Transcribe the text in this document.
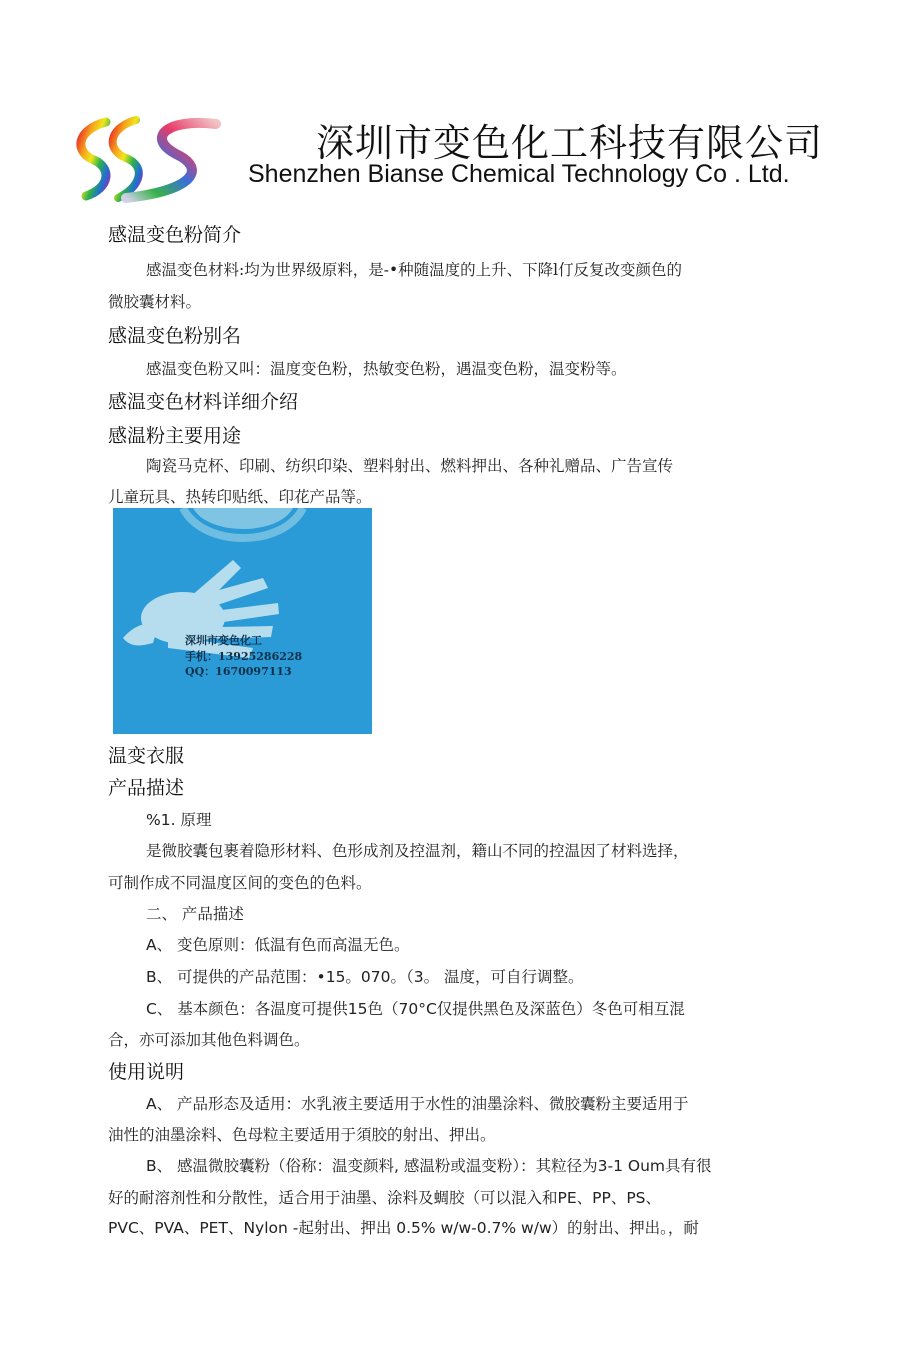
深圳市变色化工科技有限公司
Shenzhen Bianse Chemical Technology Co . Ltd.
感温变色粉简介
感温变色材料:均为世界级原料，是-•种随温度的上升、下降l仃反复改变颜色的
微胶囊材料。
感温变色粉别名
感温变色粉又叫：温度变色粉，热敏变色粉，遇温变色粉，温变粉等。
感温变色材料详细介绍
感温粉主要用途
陶瓷马克杯、印刷、纺织印染、塑料射出、燃料押出、各种礼赠品、广告宣传
儿童玩具、热转印贴纸、印花产品等。
深圳市变色化工
手机：13925286228
QQ：1670097113
温变衣服
产品描述
%1. 原理
是微胶囊包裹着隐形材料、色形成剂及控温剂，籍山不同的控温因了材料选择，
可制作成不同温度区间的变色的色料。
二、 产品描述
A、 变色原则：低温有色而高温无色。
B、 可提供的产品范围：•15。070。（3。 温度，可自行调整。
C、 基本颜色：各温度可提供15色（70°C仅提供黑色及深蓝色）冬色可相互混
合，亦可添加其他色料调色。
使用说明
A、 产品形态及适用：水乳液主要适用于水性的油墨涂料、微胶囊粉主要适用于
油性的油墨涂料、色母粒主要适用于須胶的射出、押出。
B、 感温微胶囊粉（俗称：温变颜料, 感温粉或温变粉）：其粒径为3-1 Oum具有很
好的耐溶剂性和分散性，适合用于油墨、涂料及蜩胶（可以混入和PE、PP、PS、
PVC、PVA、PET、Nylon -起射出、押出 0.5% w/w-0.7% w/w）的射出、押出。，耐
